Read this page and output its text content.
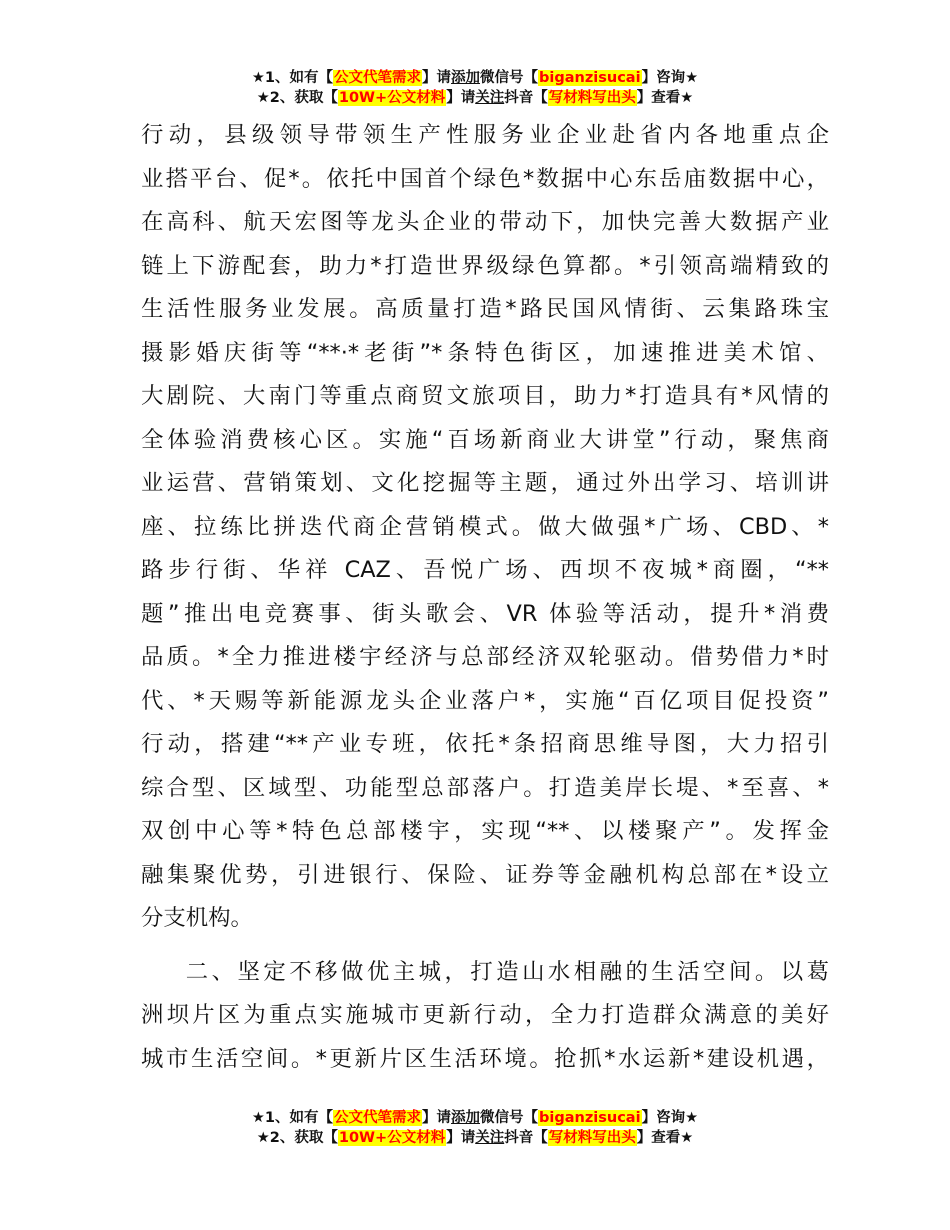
★1、如有【公文代笔需求】请添加微信号【biganzisucai】咨询★
★2、获取【10W+公文材料】请关注抖音【写材料写出头】查看★

行动，县级领导带领生产性服务业企业赴省内各地重点企

业搭平台、促*。依托中国首个绿色*数据中心东岳庙数据中心，

在高科、航天宏图等龙头企业的带动下，加快完善大数据产业

链上下游配套，助力*打造世界级绿色算都。*引领高端精致的

生活性服务业发展。高质量打造*路民国风情街、云集路珠宝

摄影婚庆街等“**·*老街”*条特色街区，加速推进美术馆、

大剧院、大南门等重点商贸文旅项目，助力*打造具有*风情的

全体验消费核心区。实施“百场新商业大讲堂”行动，聚焦商

业运营、营销策划、文化挖掘等主题，通过外出学习、培训讲

座、拉练比拼迭代商企营销模式。做大做强*广场、CBD、*

路步行街、华祥 CAZ、吾悦广场、西坝不夜城*商圈，“**

题”推出电竞赛事、街头歌会、VR 体验等活动，提升*消费

品质。*全力推进楼宇经济与总部经济双轮驱动。借势借力*时

代、*天赐等新能源龙头企业落户*，实施“百亿项目促投资”

行动，搭建“**产业专班，依托*条招商思维导图，大力招引

综合型、区域型、功能型总部落户。打造美岸长堤、*至喜、*

双创中心等*特色总部楼宇，实现“**、以楼聚产”。发挥金

融集聚优势，引进银行、保险、证券等金融机构总部在*设立

分支机构。

二、坚定不移做优主城，打造山水相融的生活空间。以葛

洲坝片区为重点实施城市更新行动，全力打造群众满意的美好

城市生活空间。*更新片区生活环境。抢抓*水运新*建设机遇，

★1、如有【公文代笔需求】请添加微信号【biganzisucai】咨询★
★2、获取【10W+公文材料】请关注抖音【写材料写出头】查看★
